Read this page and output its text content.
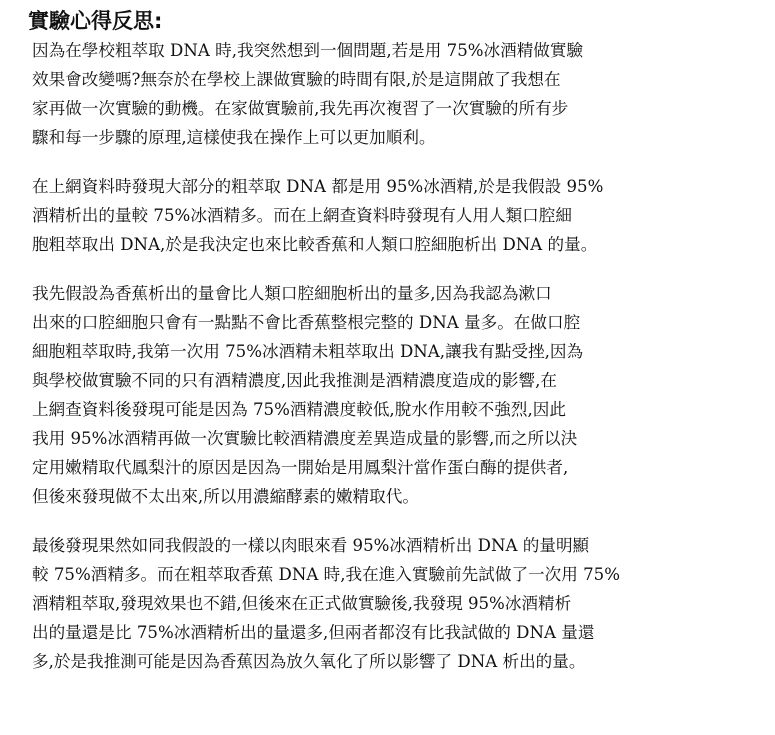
實驗心得反思:
因為在學校粗萃取 DNA 時,我突然想到一個問題,若是用 75%冰酒精做實驗
效果會改變嗎?無奈於在學校上課做實驗的時間有限,於是這開啟了我想在
家再做一次實驗的動機。在家做實驗前,我先再次複習了一次實驗的所有步
驟和每一步驟的原理,這樣使我在操作上可以更加順利。
在上網資料時發現大部分的粗萃取 DNA 都是用 95%冰酒精,於是我假設 95%
酒精析出的量較 75%冰酒精多。而在上網查資料時發現有人用人類口腔細
胞粗萃取出 DNA,於是我決定也來比較香蕉和人類口腔細胞析出 DNA 的量。
我先假設為香蕉析出的量會比人類口腔細胞析出的量多,因為我認為漱口
出來的口腔細胞只會有一點點不會比香蕉整根完整的 DNA 量多。在做口腔
細胞粗萃取時,我第一次用 75%冰酒精未粗萃取出 DNA,讓我有點受挫,因為
與學校做實驗不同的只有酒精濃度,因此我推測是酒精濃度造成的影響,在
上網查資料後發現可能是因為 75%酒精濃度較低,脫水作用較不強烈,因此
我用 95%冰酒精再做一次實驗比較酒精濃度差異造成量的影響,而之所以決
定用嫩精取代鳳梨汁的原因是因為一開始是用鳳梨汁當作蛋白酶的提供者,
但後來發現做不太出來,所以用濃縮酵素的嫩精取代。
最後發現果然如同我假設的一樣以肉眼來看 95%冰酒精析出 DNA 的量明顯
較 75%酒精多。而在粗萃取香蕉 DNA 時,我在進入實驗前先試做了一次用 75%
酒精粗萃取,發現效果也不錯,但後來在正式做實驗後,我發現 95%冰酒精析
出的量還是比 75%冰酒精析出的量還多,但兩者都沒有比我試做的 DNA 量還
多,於是我推測可能是因為香蕉因為放久氧化了所以影響了 DNA 析出的量。
